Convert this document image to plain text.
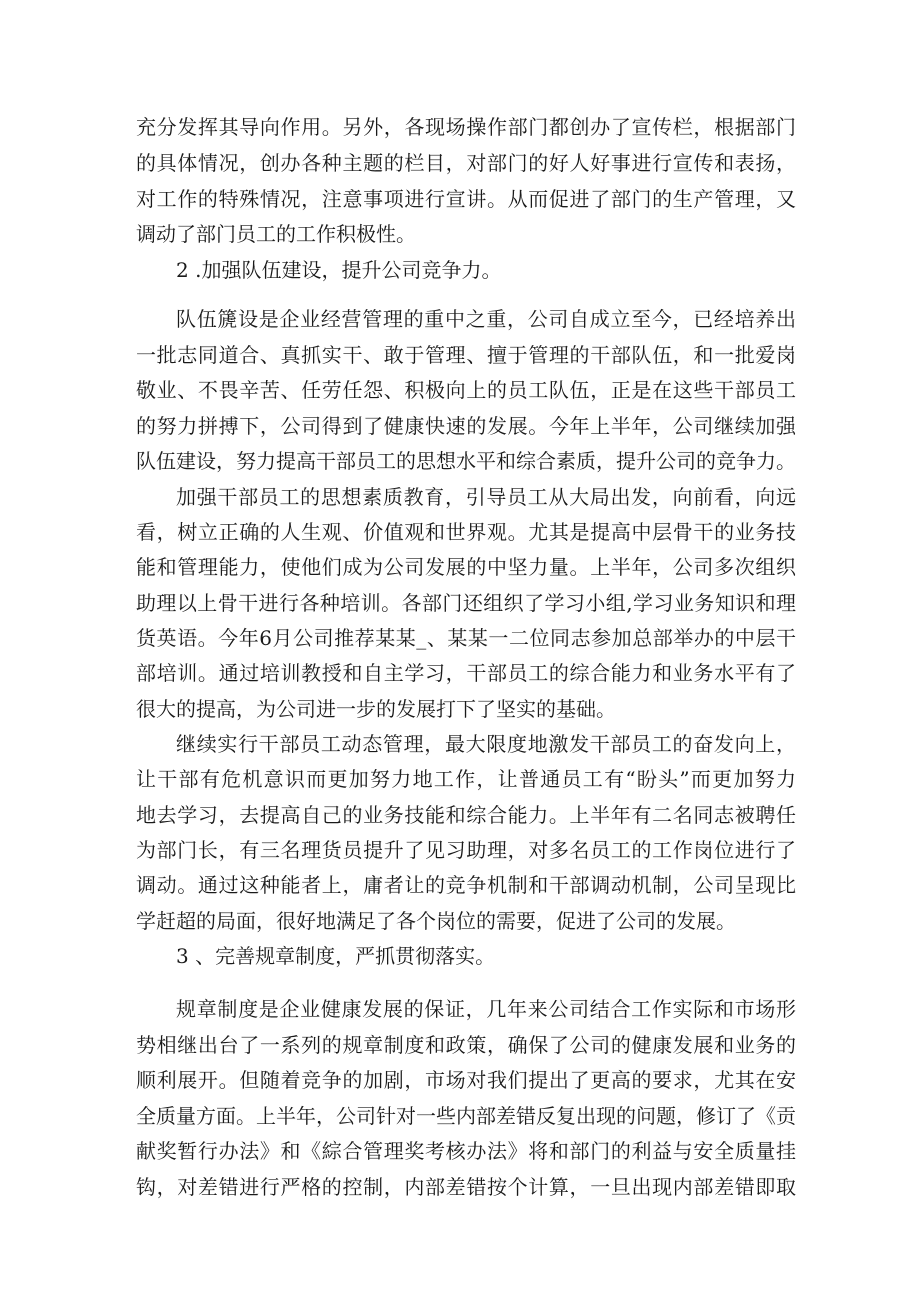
充分发挥其导向作用。另外，各现场操作部门都创办了宣传栏，根据部门
的具体情况，创办各种主题的栏目，对部门的好人好事进行宣传和表扬，
对工作的特殊情况，注意事项进行宣讲。从而促进了部门的生产管理，又
调动了部门员工的工作积极性。
2 .加强队伍建设，提升公司竞争力。
队伍篪设是企业经营管理的重中之重，公司自成立至今，已经培养出
一批志同道合、真抓实干、敢于管理、擅于管理的干部队伍，和一批爱岗
敬业、不畏辛苦、任劳任怨、积极向上的员工队伍，正是在这些干部员工
的努力拼搏下，公司得到了健康快速的发展。今年上半年，公司继续加强
队伍建设，努力提高干部员工的思想水平和综合素质，提升公司的竞争力。
加强干部员工的思想素质教育，引导员工从大局出发，向前看，向远
看，树立正确的人生观、价值观和世界观。尤其是提高中层骨干的业务技
能和管理能力，使他们成为公司发展的中坚力量。上半年，公司多次组织
助理以上骨干进行各种培训。各部门还组织了学习小组,学习业务知识和理
货英语。今年6月公司推荐某某_、某某一二位同志参加总部举办的中层干
部培训。通过培训教授和自主学习，干部员工的综合能力和业务水平有了
很大的提高，为公司进一步的发展打下了坚实的基础。
继续实行干部员工动态管理，最大限度地激发干部员工的奋发向上，
让干部有危机意识而更加努力地工作，让普通员工有“盼头”而更加努力
地去学习，去提高自己的业务技能和综合能力。上半年有二名同志被聘任
为部门长，有三名理货员提升了见习助理，对多名员工的工作岗位进行了
调动。通过这种能者上，庸者让的竞争机制和干部调动机制，公司呈现比
学赶超的局面，很好地满足了各个岗位的需要，促进了公司的发展。
3 、完善规章制度，严抓贯彻落实。
规章制度是企业健康发展的保证，几年来公司结合工作实际和市场形
势相继出台了一系列的规章制度和政策，确保了公司的健康发展和业务的
顺利展开。但随着竞争的加剧，市场对我们提出了更高的要求，尤其在安
全质量方面。上半年，公司针对一些内部差错反复出现的问题，修订了《贡
献奖暂行办法》和《綜合管理奖考核办法》将和部门的利益与安全质量挂
钩，对差错进行严格的控制，内部差错按个计算，一旦出现内部差错即取
